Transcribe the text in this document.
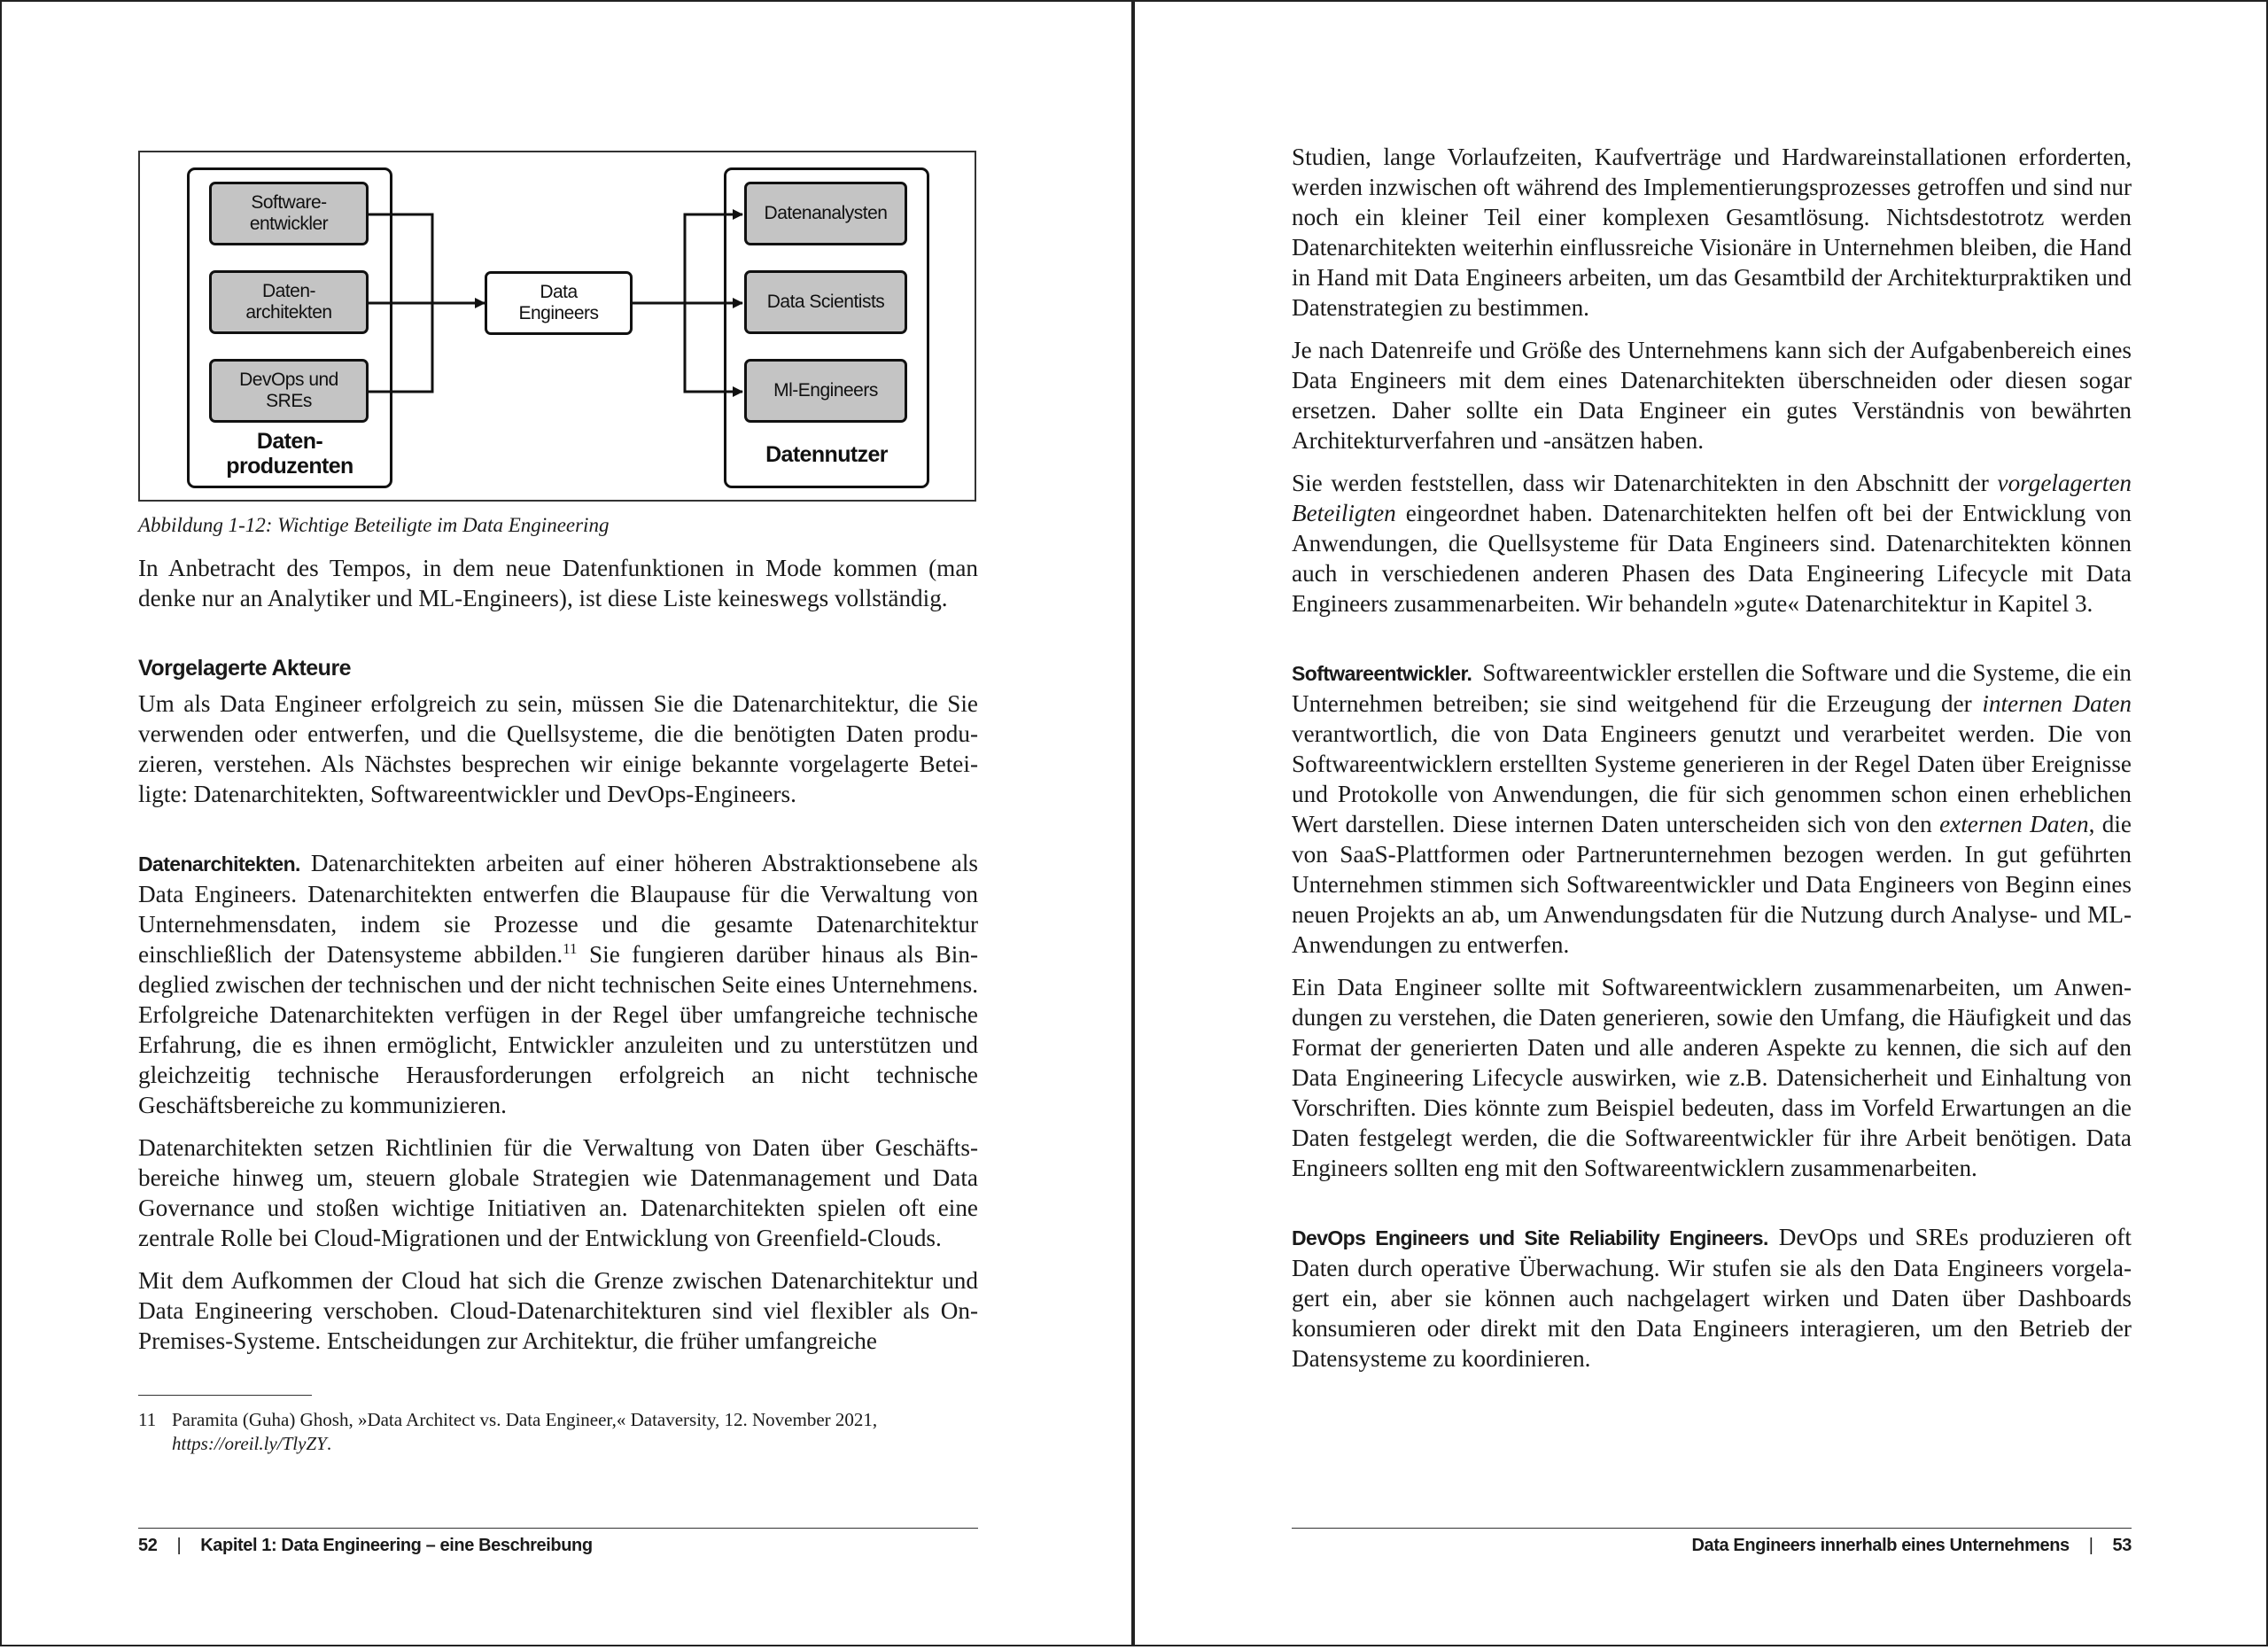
Software-
entwickler
Daten-
architekten
DevOps und
SREs
Daten-
produzenten
Data
Engineers
Datenanalysten
Data Scientists
Ml-Engineers
Datennutzer
Abbildung 1-12: Wichtige Beteiligte im Data Engineering

In Anbetracht des Tempos, in dem neue Datenfunktionen in Mode kommen (man denke nur an Analytiker und ML-Engineers), ist diese Liste keineswegs vollständig.

Vorgelagerte Akteure

Um als Data Engineer erfolgreich zu sein, müssen Sie die Datenarchitektur, die Sie verwenden oder entwerfen, und die Quellsysteme, die die benötigten Daten produzieren, verstehen. Als Nächstes besprechen wir einige bekannte vorgelagerte Beteiligte: Datenarchitekten, Softwareentwickler und DevOps-Engineers.

Datenarchitekten. Datenarchitekten arbeiten auf einer höheren Abstraktionsebene als Data Engineers. Datenarchitekten entwerfen die Blaupause für die Verwaltung von Unternehmensdaten, indem sie Prozesse und die gesamte Datenarchitektur einschließlich der Datensysteme abbilden.$^{11}$ Sie fungieren darüber hinaus als Bindeglied zwischen der technischen und der nicht technischen Seite eines Unternehmens. Erfolgreiche Datenarchitekten verfügen in der Regel über umfangreiche technische Erfahrung, die es ihnen ermöglicht, Entwickler anzuleiten und zu unterstützen und gleichzeitig technische Herausforderungen erfolgreich an nicht technische Geschäftsbereiche zu kommunizieren.

Datenarchitekten setzen Richtlinien für die Verwaltung von Daten über Geschäftsbereiche hinweg um, steuern globale Strategien wie Datenmanagement und Data Governance und stoßen wichtige Initiativen an. Datenarchitekten spielen oft eine zentrale Rolle bei Cloud-Migrationen und der Entwicklung von Greenfield-Clouds.

Mit dem Aufkommen der Cloud hat sich die Grenze zwischen Datenarchitektur und Data Engineering verschoben. Cloud-Datenarchitekturen sind viel flexibler als On-Premises-Systeme. Entscheidungen zur Architektur, die früher umfangreiche

11 Paramita (Guha) Ghosh, »Data Architect vs. Data Engineer,« Dataversity, 12. November 2021,
https://oreil.ly/TlyZY.
52 | Kapitel 1: Data Engineering – eine Beschreibung

Studien, lange Vorlaufzeiten, Kaufverträge und Hardwareinstallationen erforderten, werden inzwischen oft während des Implementierungsprozesses getroffen und sind nur noch ein kleiner Teil einer komplexen Gesamtlösung. Nichtsdestotrotz werden Datenarchitekten weiterhin einflussreiche Visionäre in Unternehmen bleiben, die Hand in Hand mit Data Engineers arbeiten, um das Gesamtbild der Architekturpraktiken und Datenstrategien zu bestimmen.

Je nach Datenreife und Größe des Unternehmens kann sich der Aufgabenbereich eines Data Engineers mit dem eines Datenarchitekten überschneiden oder diesen sogar ersetzen. Daher sollte ein Data Engineer ein gutes Verständnis von bewährten Architekturverfahren und -ansätzen haben.

Sie werden feststellen, dass wir Datenarchitekten in den Abschnitt der vorgelagerten Beteiligten eingeordnet haben. Datenarchitekten helfen oft bei der Entwicklung von Anwendungen, die Quellsysteme für Data Engineers sind. Datenarchitekten können auch in verschiedenen anderen Phasen des Data Engineering Lifecycle mit Data Engineers zusammenarbeiten. Wir behandeln »gute« Datenarchitektur in Kapitel 3.

Softwareentwickler. Softwareentwickler erstellen die Software und die Systeme, die ein Unternehmen betreiben; sie sind weitgehend für die Erzeugung der internen Daten verantwortlich, die von Data Engineers genutzt und verarbeitet werden. Die von Softwareentwicklern erstellten Systeme generieren in der Regel Daten über Ereignisse und Protokolle von Anwendungen, die für sich genommen schon einen erheblichen Wert darstellen. Diese internen Daten unterscheiden sich von den externen Daten, die von SaaS-Plattformen oder Partnerunternehmen bezogen werden. In gut geführten Unternehmen stimmen sich Softwareentwickler und Data Engineers von Beginn eines neuen Projekts an ab, um Anwendungsdaten für die Nutzung durch Analyse- und ML-Anwendungen zu entwerfen.

Ein Data Engineer sollte mit Softwareentwicklern zusammenarbeiten, um Anwendungen zu verstehen, die Daten generieren, sowie den Umfang, die Häufigkeit und das Format der generierten Daten und alle anderen Aspekte zu kennen, die sich auf den Data Engineering Lifecycle auswirken, wie z.B. Datensicherheit und Einhaltung von Vorschriften. Dies könnte zum Beispiel bedeuten, dass im Vorfeld Erwartungen an die Daten festgelegt werden, die die Softwareentwickler für ihre Arbeit benötigen. Data Engineers sollten eng mit den Softwareentwicklern zusammenarbeiten.

DevOps Engineers und Site Reliability Engineers. DevOps und SREs produzieren oft Daten durch operative Überwachung. Wir stufen sie als den Data Engineers vorgelagert ein, aber sie können auch nachgelagert wirken und Daten über Dashboards konsumieren oder direkt mit den Data Engineers interagieren, um den Betrieb der Datensysteme zu koordinieren.

Data Engineers innerhalb eines Unternehmens | 53
